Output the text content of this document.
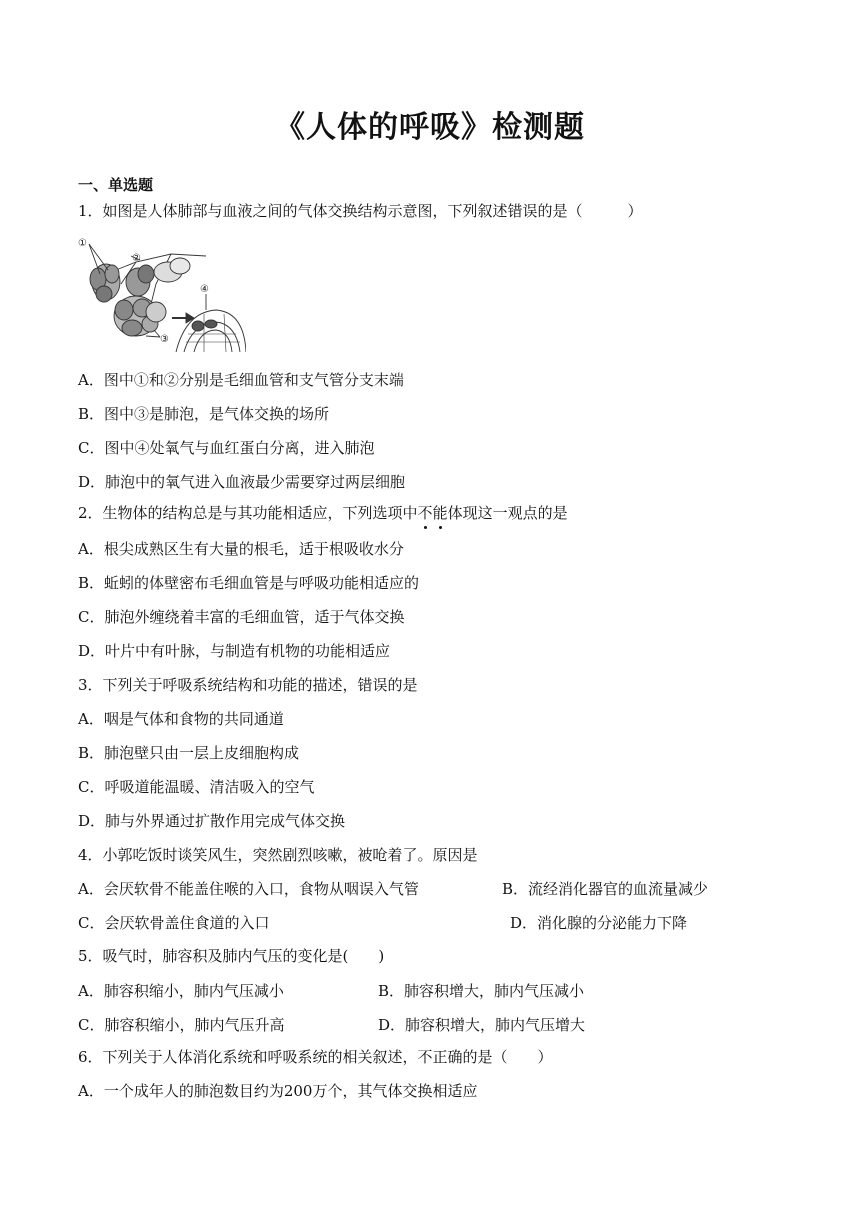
《人体的呼吸》检测题
一、单选题
1．如图是人体肺部与血液之间的气体交换结构示意图，下列叙述错误的是（　　　）
①
②
③
④
A．图中①和②分别是毛细血管和支气管分支末端
B．图中③是肺泡，是气体交换的场所
C．图中④处氧气与血红蛋白分离，进入肺泡
D．肺泡中的氧气进入血液最少需要穿过两层细胞
2．生物体的结构总是与其功能相适应，下列选项中不能体现这一观点的是
A．根尖成熟区生有大量的根毛，适于根吸收水分
B．蚯蚓的体壁密布毛细血管是与呼吸功能相适应的
C．肺泡外缠绕着丰富的毛细血管，适于气体交换
D．叶片中有叶脉，与制造有机物的功能相适应
3．下列关于呼吸系统结构和功能的描述，错误的是
A．咽是气体和食物的共同通道
B．肺泡壁只由一层上皮细胞构成
C．呼吸道能温暖、清洁吸入的空气
D．肺与外界通过扩散作用完成气体交换
4．小郭吃饭时谈笑风生，突然剧烈咳嗽，被呛着了。原因是
A．会厌软骨不能盖住喉的入口，食物从咽误入气管	B．流经消化器官的血流量减少
C．会厌软骨盖住食道的入口	D．消化腺的分泌能力下降
5．吸气时，肺容积及肺内气压的变化是(　　)
A．肺容积缩小，肺内气压减小	B．肺容积增大，肺内气压减小
C．肺容积缩小，肺内气压升高	D．肺容积增大，肺内气压增大
6．下列关于人体消化系统和呼吸系统的相关叙述，不正确的是（　　）
A．一个成年人的肺泡数目约为200万个，其气体交换相适应
